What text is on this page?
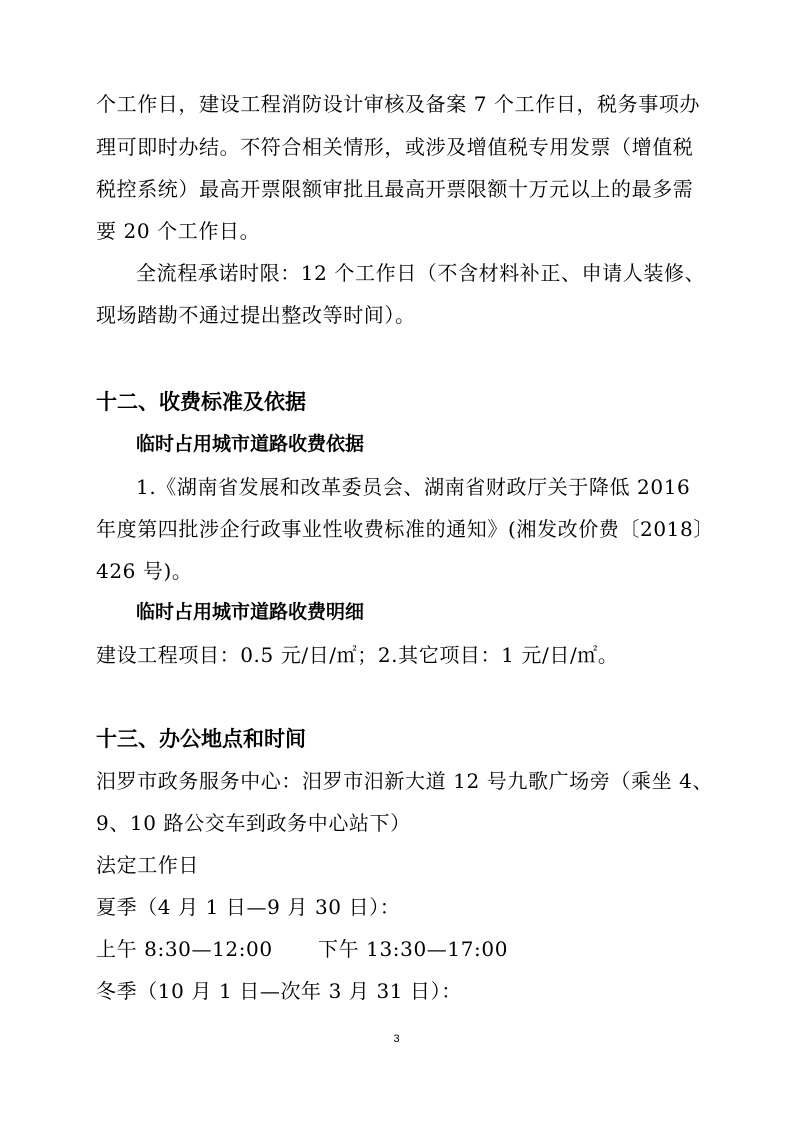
个工作日，建设工程消防设计审核及备案 7 个工作日，税务事项办
理可即时办结。不符合相关情形，或涉及增值税专用发票（增值税
税控系统）最高开票限额审批且最高开票限额十万元以上的最多需
要 20 个工作日。
全流程承诺时限：12 个工作日（不含材料补正、申请人装修、
现场踏勘不通过提出整改等时间）。
十二、收费标准及依据
临时占用城市道路收费依据
1.《湖南省发展和改革委员会、湖南省财政厅关于降低 2016
年度第四批涉企行政事业性收费标准的通知》(湘发改价费〔2018〕
426 号)。
临时占用城市道路收费明细
建设工程项目：0.5 元/日/㎡；2.其它项目：1 元/日/㎡。
十三、办公地点和时间
汨罗市政务服务中心：汨罗市汨新大道 12 号九歌广场旁（乘坐 4、
9、10 路公交车到政务中心站下）
法定工作日
夏季（4 月 1 日—9 月 30 日）：
上午 8:30—12:00 下午 13:30—17:00
冬季（10 月 1 日—次年 3 月 31 日）：
3
